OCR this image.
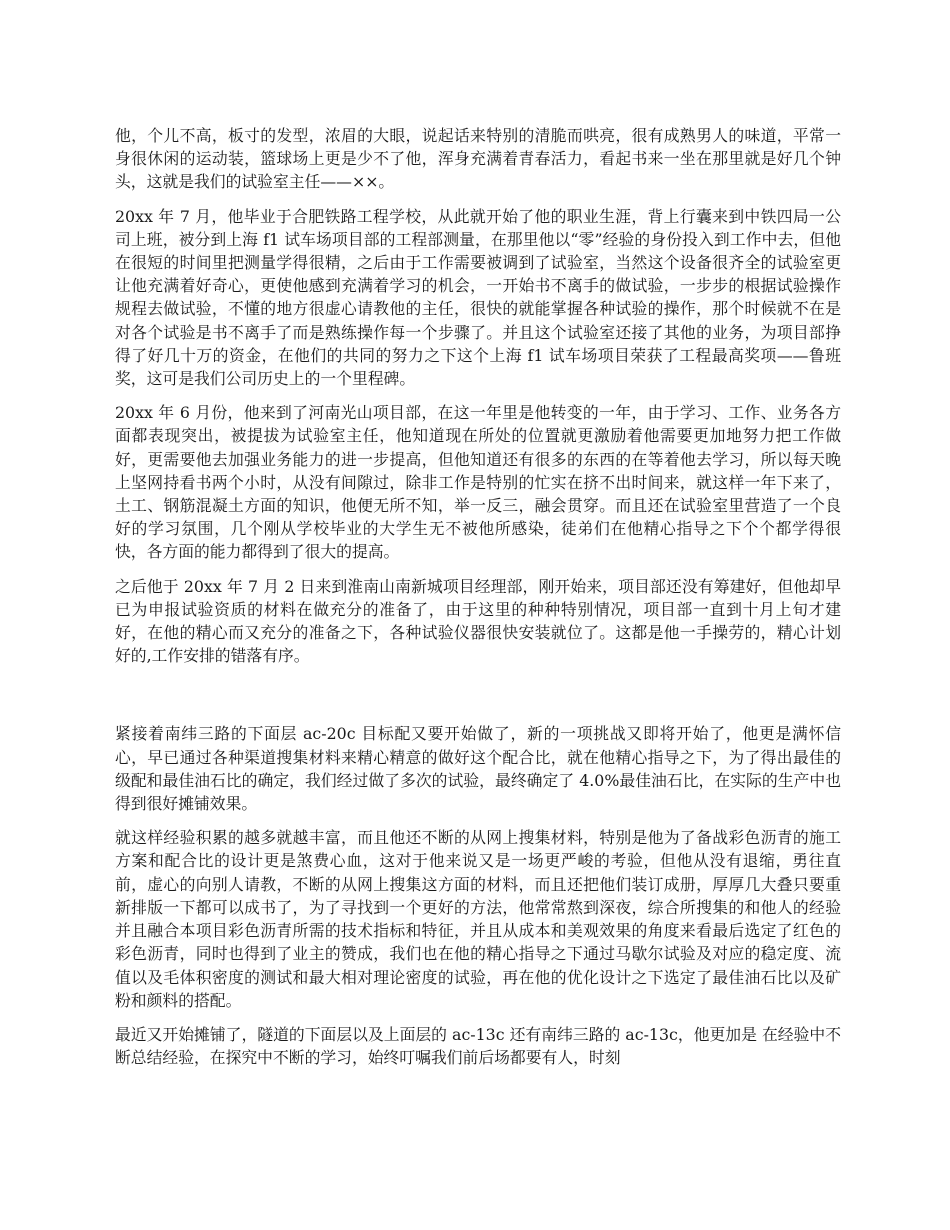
他，个儿不高，板寸的发型，浓眉的大眼，说起话来特别的清脆而哄亮，很有成熟男人的味道，平常一身很休闲的运动装，篮球场上更是少不了他，浑身充满着青春活力，看起书来一坐在那里就是好几个钟头，这就是我们的试验室主任——××。

20xx 年 7 月，他毕业于合肥铁路工程学校，从此就开始了他的职业生涯，背上行囊来到中铁四局一公司上班，被分到上海 f1 试车场项目部的工程部测量，在那里他以“零”经验的身份投入到工作中去，但他在很短的时间里把测量学得很精，之后由于工作需要被调到了试验室，当然这个设备很齐全的试验室更让他充满着好奇心，更使他感到充满着学习的机会，一开始书不离手的做试验，一步步的根据试验操作规程去做试验，不懂的地方很虚心请教他的主任，很快的就能掌握各种试验的操作，那个时候就不在是对各个试验是书不离手了而是熟练操作每一个步骤了。并且这个试验室还接了其他的业务，为项目部挣得了好几十万的资金，在他们的共同的努力之下这个上海 f1 试车场项目荣获了工程最高奖项——鲁班奖，这可是我们公司历史上的一个里程碑。

20xx 年 6 月份，他来到了河南光山项目部，在这一年里是他转变的一年，由于学习、工作、业务各方面都表现突出，被提拔为试验室主任，他知道现在所处的位置就更激励着他需要更加地努力把工作做好，更需要他去加强业务能力的进一步提高，但他知道还有很多的东西的在等着他去学习，所以每天晚上坚网持看书两个小时，从没有间隙过，除非工作是特别的忙实在挤不出时间来，就这样一年下来了，土工、钢筋混凝土方面的知识，他便无所不知，举一反三，融会贯穿。而且还在试验室里营造了一个良好的学习氛围，几个刚从学校毕业的大学生无不被他所感染，徒弟们在他精心指导之下个个都学得很快，各方面的能力都得到了很大的提高。

之后他于 20xx 年 7 月 2 日来到淮南山南新城项目经理部，刚开始来，项目部还没有筹建好，但他却早已为申报试验资质的材料在做充分的准备了，由于这里的种种特别情况，项目部一直到十月上旬才建好，在他的精心而又充分的准备之下，各种试验仪器很快安装就位了。这都是他一手操劳的，精心计划好的,工作安排的错落有序。

紧接着南纬三路的下面层 ac-20c 目标配又要开始做了，新的一项挑战又即将开始了，他更是满怀信心，早已通过各种渠道搜集材料来精心精意的做好这个配合比，就在他精心指导之下，为了得出最佳的级配和最佳油石比的确定，我们经过做了多次的试验，最终确定了 4.0%最佳油石比，在实际的生产中也得到很好摊铺效果。

就这样经验积累的越多就越丰富，而且他还不断的从网上搜集材料，特别是他为了备战彩色沥青的施工方案和配合比的设计更是煞费心血，这对于他来说又是一场更严峻的考验，但他从没有退缩，勇往直前，虚心的向别人请教，不断的从网上搜集这方面的材料，而且还把他们装订成册，厚厚几大叠只要重新排版一下都可以成书了，为了寻找到一个更好的方法，他常常熬到深夜，综合所搜集的和他人的经验并且融合本项目彩色沥青所需的技术指标和特征，并且从成本和美观效果的角度来看最后选定了红色的彩色沥青，同时也得到了业主的赞成，我们也在他的精心指导之下通过马歇尔试验及对应的稳定度、流值以及毛体积密度的测试和最大相对理论密度的试验，再在他的优化设计之下选定了最佳油石比以及矿粉和颜料的搭配。

最近又开始摊铺了，隧道的下面层以及上面层的 ac-13c 还有南纬三路的 ac-13c，他更加是 在经验中不断总结经验，在探究中不断的学习，始终叮嘱我们前后场都要有人，时刻
